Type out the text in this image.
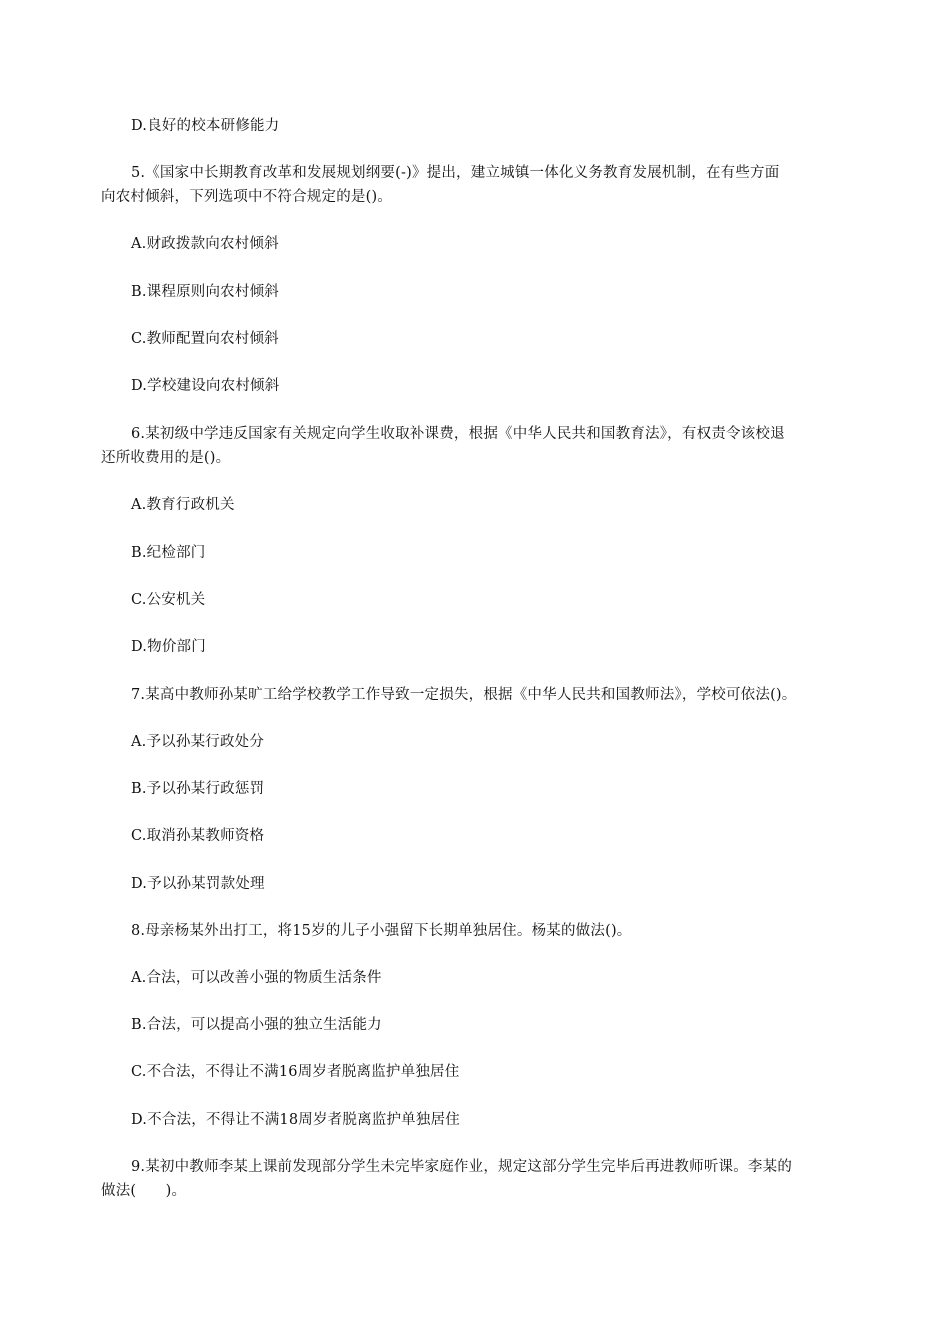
D.良好的校本研修能力
5.《国家中长期教育改革和发展规划纲要(-)》提出，建立城镇一体化义务教育发展机制，在有些方面
向农村倾斜，下列选项中不符合规定的是()。
A.财政拨款向农村倾斜
B.课程原则向农村倾斜
C.教师配置向农村倾斜
D.学校建设向农村倾斜
6.某初级中学违反国家有关规定向学生收取补课费，根据《中华人民共和国教育法》，有权责令该校退
还所收费用的是()。
A.教育行政机关
B.纪检部门
C.公安机关
D.物价部门
7.某高中教师孙某旷工给学校教学工作导致一定损失，根据《中华人民共和国教师法》，学校可依法()。
A.予以孙某行政处分
B.予以孙某行政惩罚
C.取消孙某教师资格
D.予以孙某罚款处理
8.母亲杨某外出打工，将15岁的儿子小强留下长期单独居住。杨某的做法()。
A.合法，可以改善小强的物质生活条件
B.合法，可以提高小强的独立生活能力
C.不合法，不得让不满16周岁者脱离监护单独居住
D.不合法，不得让不满18周岁者脱离监护单独居住
9.某初中教师李某上课前发现部分学生未完毕家庭作业，规定这部分学生完毕后再进教师听课。李某的
做法(　　)。
